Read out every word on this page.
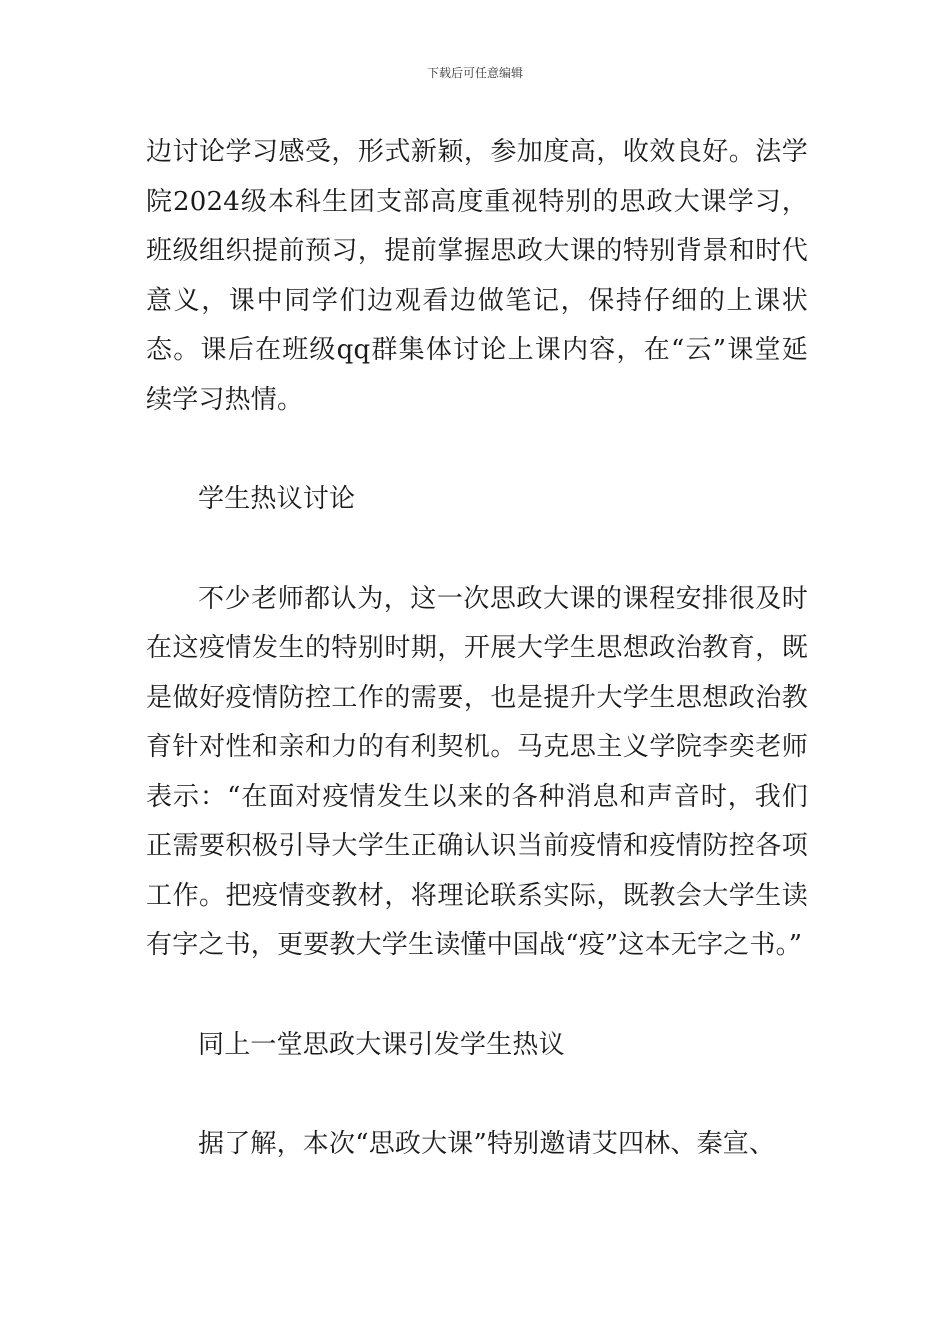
下载后可任意编辑

边讨论学习感受，形式新颖，参加度高，收效良好。法学院2024级本科生团支部高度重视特别的思政大课学习，班级组织提前预习，提前掌握思政大课的特别背景和时代意义，课中同学们边观看边做笔记，保持仔细的上课状态。课后在班级qq群集体讨论上课内容，在“云”课堂延续学习热情。

学生热议讨论

不少老师都认为，这一次思政大课的课程安排很及时在这疫情发生的特别时期，开展大学生思想政治教育，既是做好疫情防控工作的需要，也是提升大学生思想政治教育针对性和亲和力的有利契机。马克思主义学院李奕老师表示：“在面对疫情发生以来的各种消息和声音时，我们正需要积极引导大学生正确认识当前疫情和疫情防控各项工作。把疫情变教材，将理论联系实际，既教会大学生读有字之书，更要教大学生读懂中国战“疫”这本无字之书。”

同上一堂思政大课引发学生热议

据了解，本次“思政大课”特别邀请艾四林、秦宣、
